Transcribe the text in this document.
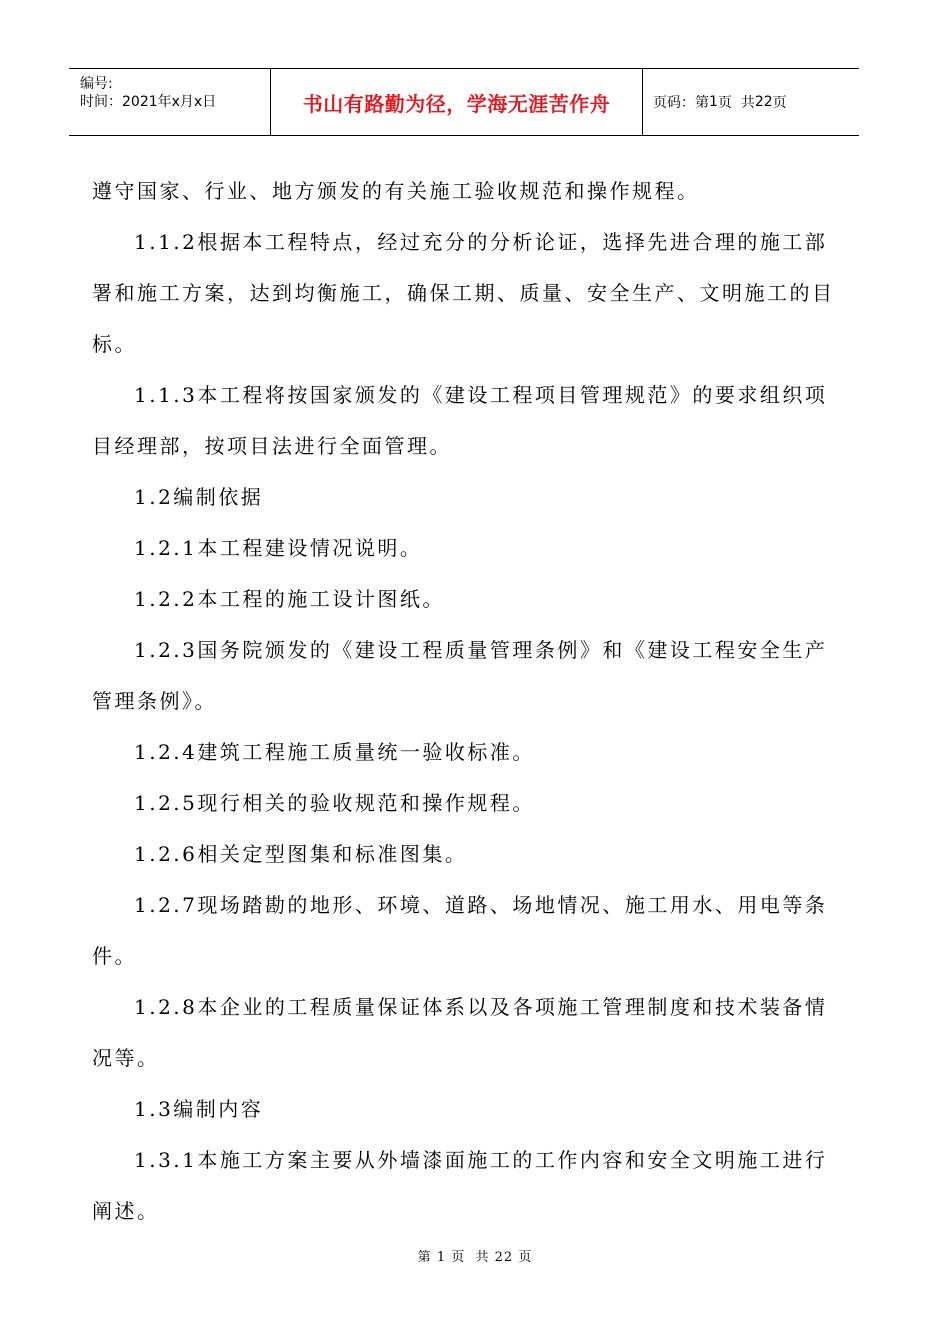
编号:
时间：2021年x月x日	书山有路勤为径，学海无涯苦作舟	页码：第 1 页  共 22 页

遵守国家、行业、地方颁发的有关施工验收规范和操作规程。

1.1.2根据本工程特点，经过充分的分析论证，选择先进合理的施工部署和施工方案，达到均衡施工，确保工期、质量、安全生产、文明施工的目标。

1.1.3本工程将按国家颁发的《建设工程项目管理规范》的要求组织项目经理部，按项目法进行全面管理。

1.2编制依据

1.2.1本工程建设情况说明。

1.2.2本工程的施工设计图纸。

1.2.3国务院颁发的《建设工程质量管理条例》和《建设工程安全生产管理条例》。

1.2.4建筑工程施工质量统一验收标准。

1.2.5现行相关的验收规范和操作规程。

1.2.6相关定型图集和标准图集。

1.2.7现场踏勘的地形、环境、道路、场地情况、施工用水、用电等条件。

1.2.8本企业的工程质量保证体系以及各项施工管理制度和技术装备情况等。

1.3编制内容

1.3.1本施工方案主要从外墙漆面施工的工作内容和安全文明施工进行阐述。

第 1 页  共 22 页
